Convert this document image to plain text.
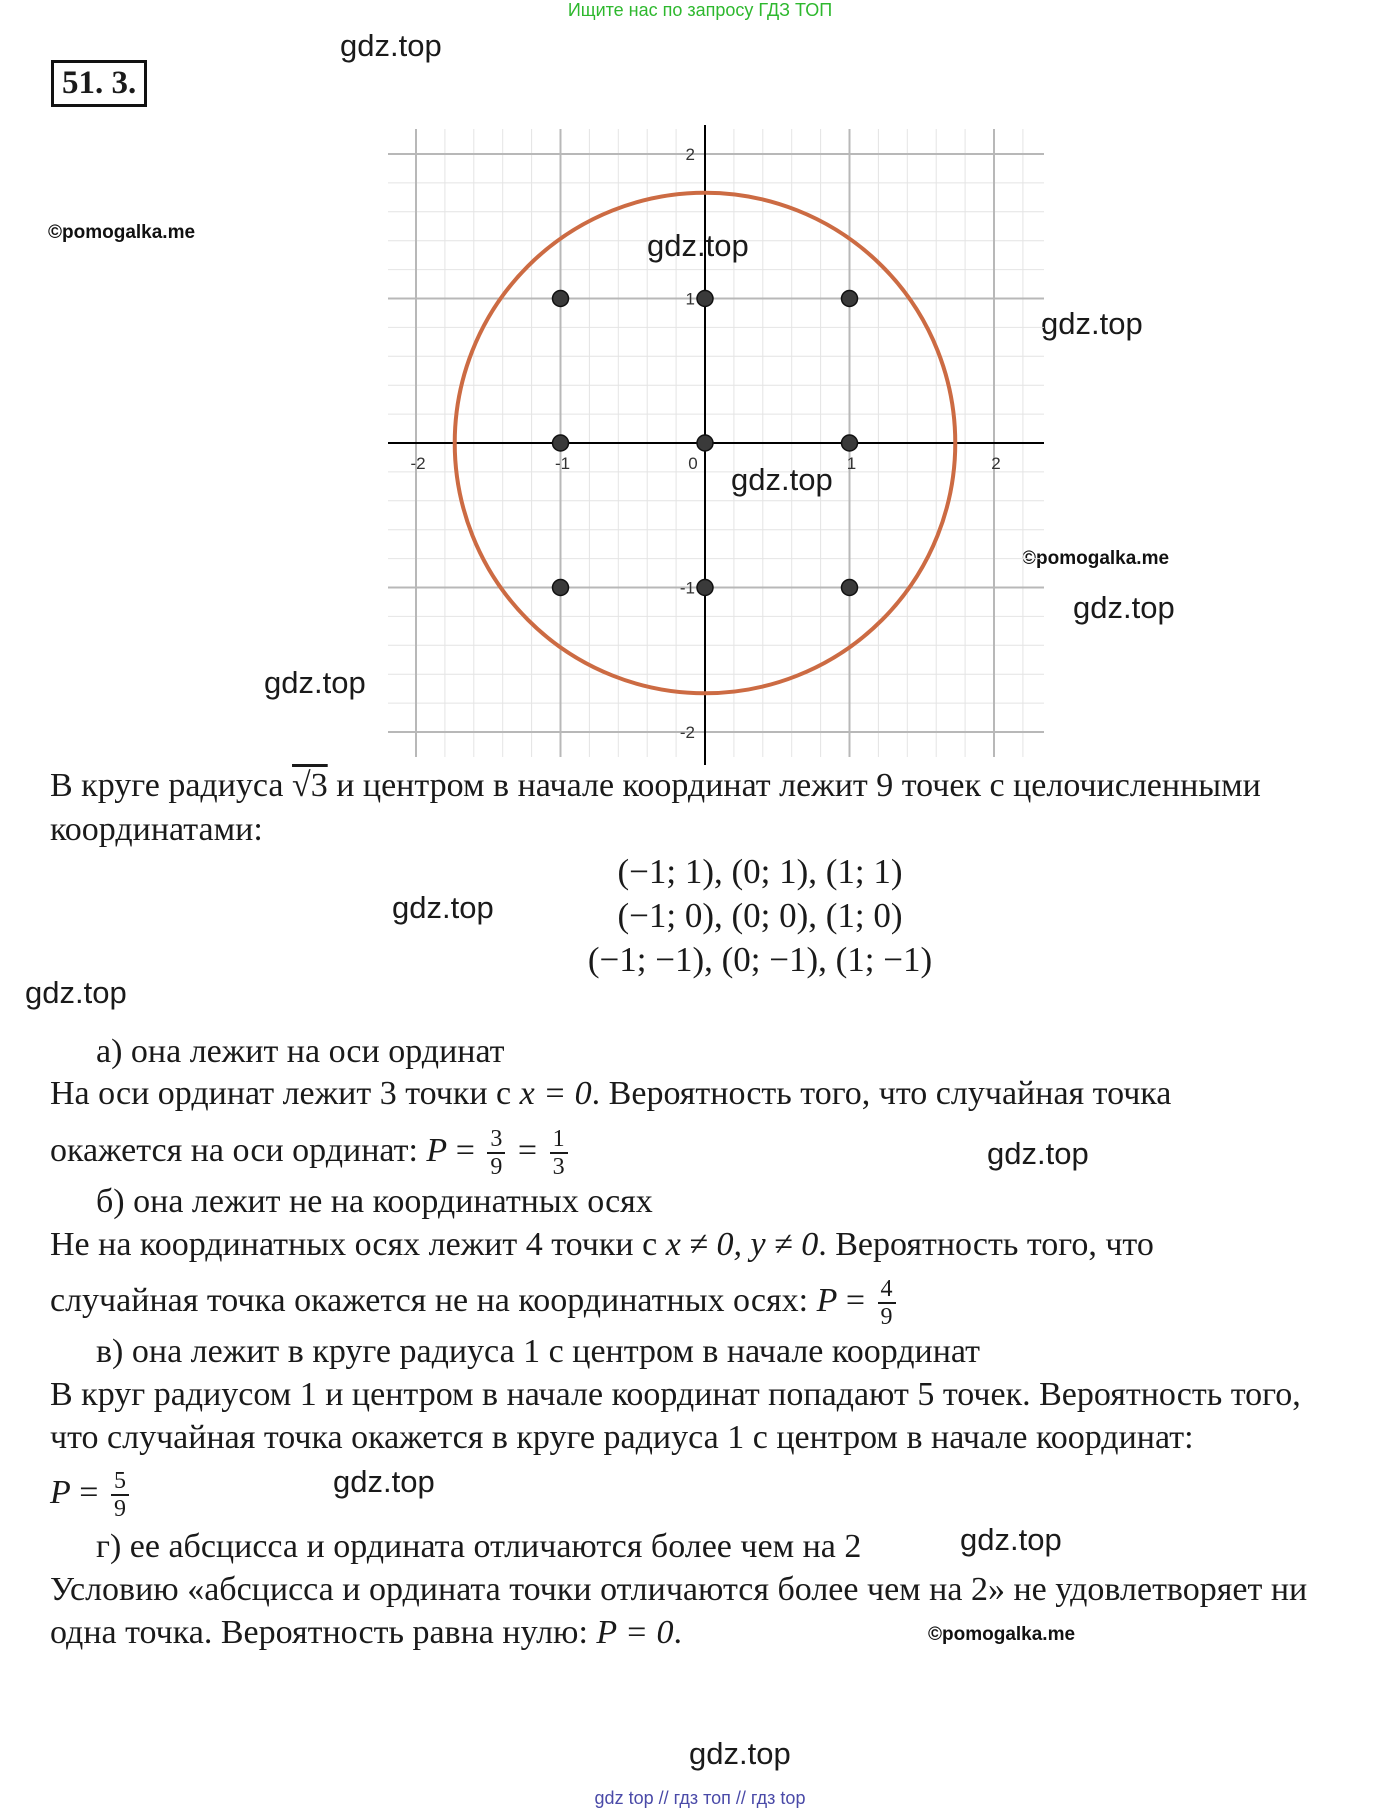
Ищите нас по запросу ГДЗ ТОП
51. 3.
gdz.top
©pomogalka.me
gdz.top
©pomogalka.me
gdz.top
gdz.top
-2	-1	0	1	2
2
1
-1
-2
gdz.top
gdz.top
В круге радиуса √3 и центром в начале координат лежит 9 точек с целочисленными
координатами:
(−1; 1), (0; 1), (1; 1)
(−1; 0), (0; 0), (1; 0)
(−1; −1), (0; −1), (1; −1)
gdz.top
gdz.top
а) она лежит на оси ординат
На оси ординат лежит 3 точки с x = 0. Вероятность того, что случайная точка
окажется на оси ординат: $P = \frac{3}{9} = \frac{1}{3}$	gdz.top
б) она лежит не на координатных осях
Не на координатных осях лежит 4 точки с x ≠ 0, y ≠ 0. Вероятность того, что
случайная точка окажется не на координатных осях: $P = \frac{4}{9}$
в) она лежит в круге радиуса 1 с центром в начале координат
В круг радиусом 1 и центром в начале координат попадают 5 точек. Вероятность того,
что случайная точка окажется в круге радиуса 1 с центром в начале координат:
$P = \frac{5}{9}$	gdz.top
г) ее абсцисса и ордината отличаются более чем на 2	gdz.top
Условию «абсцисса и ордината точки отличаются более чем на 2» не удовлетворяет ни
одна точка. Вероятность равна нулю: P = 0.	©pomogalka.me
gdz.top
gdz top // гдз топ // гдз top
